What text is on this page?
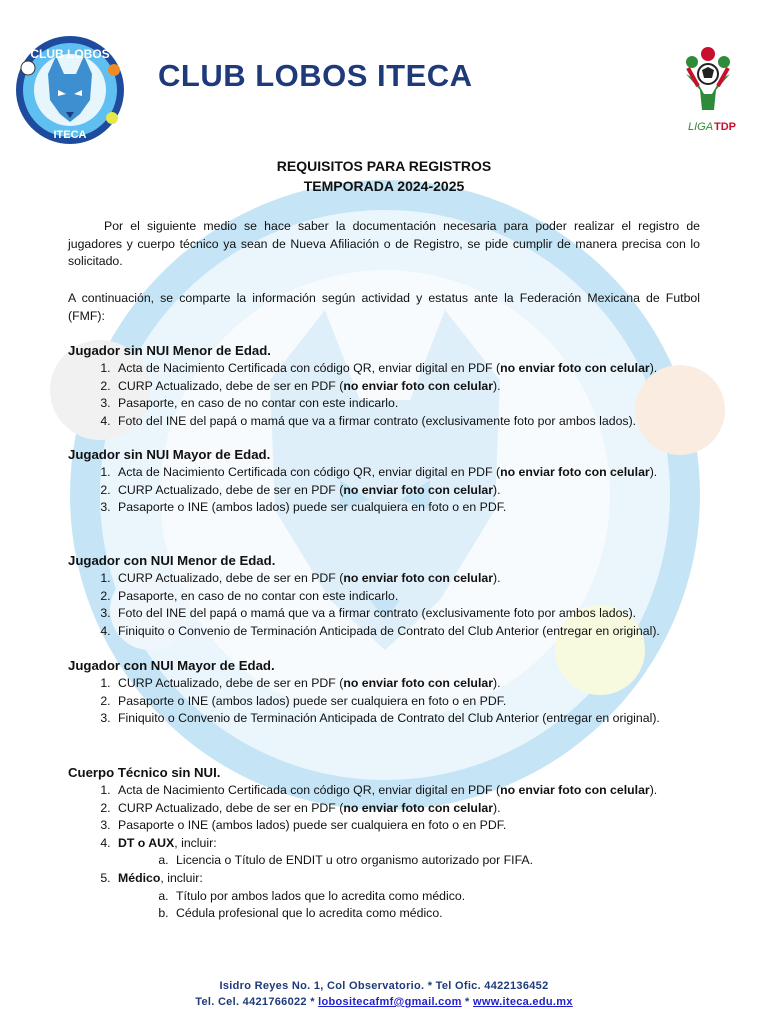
CLUB LOBOS
ITECA
CLUB LOBOS ITECA
LIGA TDP
REQUISITOS PARA REGISTROS
TEMPORADA 2024-2025

Por el siguiente medio se hace saber la documentación necesaria para poder realizar el registro de jugadores y cuerpo técnico ya sean de Nueva Afiliación o de Registro, se pide cumplir de manera precisa con lo solicitado.

A continuación, se comparte la información según actividad y estatus ante la Federación Mexicana de Futbol (FMF):

Jugador sin NUI Menor de Edad.
1. Acta de Nacimiento Certificada con código QR, enviar digital en PDF (no enviar foto con celular).
2. CURP Actualizado, debe de ser en PDF (no enviar foto con celular).
3. Pasaporte, en caso de no contar con este indicarlo.
4. Foto del INE del papá o mamá que va a firmar contrato (exclusivamente foto por ambos lados).
Jugador sin NUI Mayor de Edad.
1. Acta de Nacimiento Certificada con código QR, enviar digital en PDF (no enviar foto con celular).
2. CURP Actualizado, debe de ser en PDF (no enviar foto con celular).
3. Pasaporte o INE (ambos lados) puede ser cualquiera en foto o en PDF.
Jugador con NUI Menor de Edad.
1. CURP Actualizado, debe de ser en PDF (no enviar foto con celular).
2. Pasaporte, en caso de no contar con este indicarlo.
3. Foto del INE del papá o mamá que va a firmar contrato (exclusivamente foto por ambos lados).
4. Finiquito o Convenio de Terminación Anticipada de Contrato del Club Anterior (entregar en original).
Jugador con NUI Mayor de Edad.
1. CURP Actualizado, debe de ser en PDF (no enviar foto con celular).
2. Pasaporte o INE (ambos lados) puede ser cualquiera en foto o en PDF.
3. Finiquito o Convenio de Terminación Anticipada de Contrato del Club Anterior (entregar en original).
Cuerpo Técnico sin NUI.
1. Acta de Nacimiento Certificada con código QR, enviar digital en PDF (no enviar foto con celular).
2. CURP Actualizado, debe de ser en PDF (no enviar foto con celular).
3. Pasaporte o INE (ambos lados) puede ser cualquiera en foto o en PDF.
4. DT o AUX, incluir:
a. Licencia o Título de ENDIT u otro organismo autorizado por FIFA.
5. Médico, incluir:
a. Título por ambos lados que lo acredita como médico.
b. Cédula profesional que lo acredita como médico.
Isidro Reyes No. 1, Col Observatorio. * Tel Ofic. 4422136452
Tel. Cel. 4421766022 * lobositecafmf@gmail.com * www.iteca.edu.mx
